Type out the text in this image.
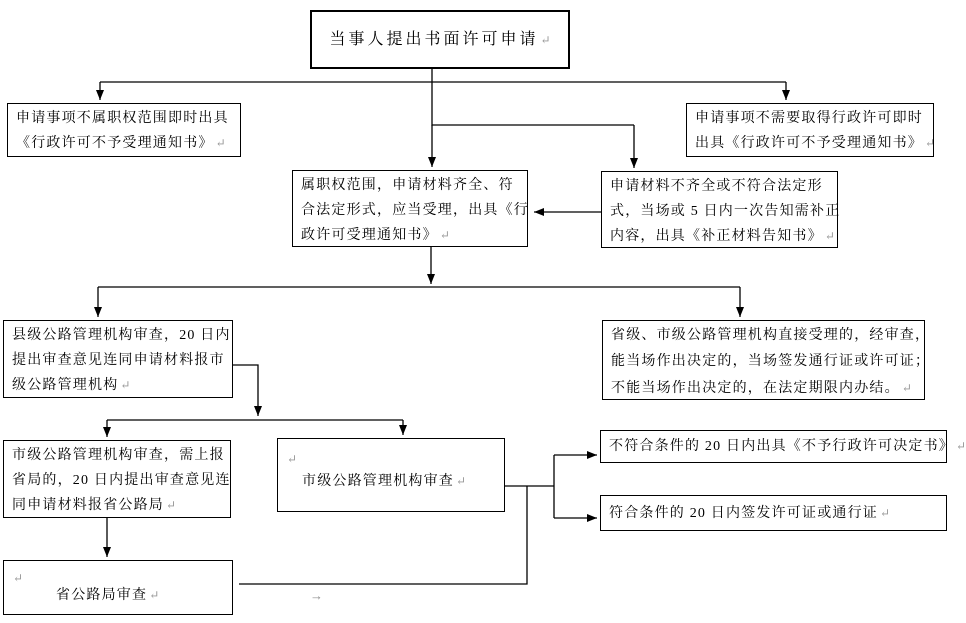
当事人提出书面许可申请 ↵
申请事项不属职权范围即时出具
《行政许可不予受理通知书》 ↵
申请事项不需要取得行政许可即时
出具《行政许可不予受理通知书》 ↵
属职权范围，申请材料齐全、符
合法定形式，应当受理，出具《行
政许可受理通知书》 ↵
申请材料不齐全或不符合法定形
式，当场或 5 日内一次告知需补正
内容，出具《补正材料告知书》 ↵
县级公路管理机构审查，20 日内
提出审查意见连同申请材料报市
级公路管理机构 ↵
省级、市级公路管理机构直接受理的，经审查，
能当场作出决定的，当场签发通行证或许可证；
不能当场作出决定的，在法定期限内办结。 ↵
市级公路管理机构审查，需上报
省局的，20 日内提出审查意见连
同申请材料报省公路局 ↵
↵
市级公路管理机构审查 ↵
不符合条件的 20 日内出具《不予行政许可决定书》 ↵
符合条件的 20 日内签发许可证或通行证 ↵
↵
省公路局审查 ↵	→
